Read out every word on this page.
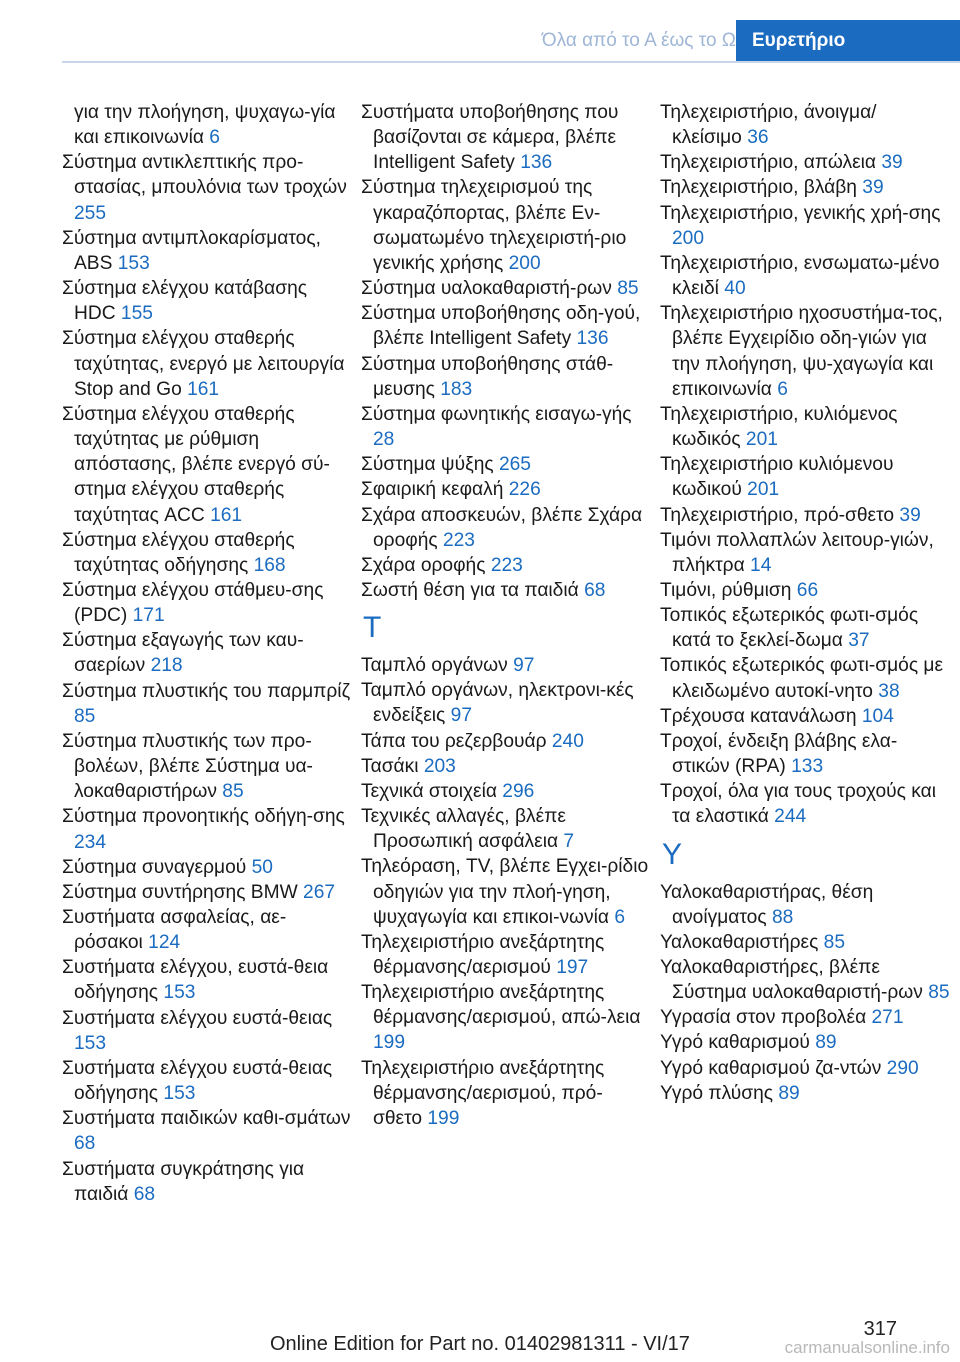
Όλα από το Α έως το Ω Ευρετήριο

για την πλοήγηση, ψυχαγω-γία και επικοινωνία 6

Σύστημα αντικλεπτικής προ-στασίας, μπουλόνια των τροχών 255

Σύστημα αντιμπλοκαρίσματος, ABS 153

Σύστημα ελέγχου κατάβασης HDC 155

Σύστημα ελέγχου σταθερής ταχύτητας, ενεργό με λειτουργία Stop and Go 161

Σύστημα ελέγχου σταθερής ταχύτητας με ρύθμιση απόστασης, βλέπε ενεργό σύ-στημα ελέγχου σταθερής ταχύτητας ACC 161

Σύστημα ελέγχου σταθερής ταχύτητας οδήγησης 168

Σύστημα ελέγχου στάθμευ-σης (PDC) 171

Σύστημα εξαγωγής των καυ-σαερίων 218

Σύστημα πλυστικής του παρμπρίζ 85

Σύστημα πλυστικής των προ-βολέων, βλέπε Σύστημα υα-λοκαθαριστήρων 85

Σύστημα προνοητικής οδήγη-σης 234

Σύστημα συναγερμού 50

Σύστημα συντήρησης BMW 267

Συστήματα ασφαλείας, αε-ρόσακοι 124

Συστήματα ελέγχου, ευστά-θεια οδήγησης 153

Συστήματα ελέγχου ευστά-θειας 153

Συστήματα ελέγχου ευστά-θειας οδήγησης 153

Συστήματα παιδικών καθι-σμάτων 68

Συστήματα συγκράτησης για παιδιά 68

Συστήματα υποβοήθησης που βασίζονται σε κάμερα, βλέπε Intelligent Safety 136

Σύστημα τηλεχειρισμού της γκαραζόπορτας, βλέπε Εν-σωματωμένο τηλεχειριστή-ριο γενικής χρήσης 200

Σύστημα υαλοκαθαριστή-ρων 85

Σύστημα υποβοήθησης οδη-γού, βλέπε Intelligent Safety 136

Σύστημα υποβοήθησης στάθ-μευσης 183

Σύστημα φωνητικής εισαγω-γής 28

Σύστημα ψύξης 265

Σφαιρική κεφαλή 226

Σχάρα αποσκευών, βλέπε Σχάρα οροφής 223

Σχάρα οροφής 223

Σωστή θέση για τα παιδιά 68

Τ

Ταμπλό οργάνων 97

Ταμπλό οργάνων, ηλεκτρονι-κές ενδείξεις 97

Τάπα του ρεζερβουάρ 240

Τασάκι 203

Τεχνικά στοιχεία 296

Τεχνικές αλλαγές, βλέπε Προσωπική ασφάλεια 7

Τηλεόραση, TV, βλέπε Εγχει-ρίδιο οδηγιών για την πλοή-γηση, ψυχαγωγία και επικοι-νωνία 6

Τηλεχειριστήριο ανεξάρτητης θέρμανσης/αερισμού 197

Τηλεχειριστήριο ανεξάρτητης θέρμανσης/αερισμού, απώ-λεια 199

Τηλεχειριστήριο ανεξάρτητης θέρμανσης/αερισμού, πρό-σθετο 199

Τηλεχειριστήριο, άνοιγμα/ κλείσιμο 36

Τηλεχειριστήριο, απώλεια 39

Τηλεχειριστήριο, βλάβη 39

Τηλεχειριστήριο, γενικής χρή-σης 200

Τηλεχειριστήριο, ενσωματω-μένο κλειδί 40

Τηλεχειριστήριο ηχοσυστήμα-τος, βλέπε Εγχειρίδιο οδη-γιών για την πλοήγηση, ψυ-χαγωγία και επικοινωνία 6

Τηλεχειριστήριο, κυλιόμενος κωδικός 201

Τηλεχειριστήριο κυλιόμενου κωδικού 201

Τηλεχειριστήριο, πρό-σθετο 39

Τιμόνι πολλαπλών λειτουρ-γιών, πλήκτρα 14

Τιμόνι, ρύθμιση 66

Τοπικός εξωτερικός φωτι-σμός κατά το ξεκλεί-δωμα 37

Τοπικός εξωτερικός φωτι-σμός με κλειδωμένο αυτοκί-νητο 38

Τρέχουσα κατανάλωση 104

Τροχοί, ένδειξη βλάβης ελα-στικών (RPA) 133

Τροχοί, όλα για τους τροχούς και τα ελαστικά 244

Υ

Υαλοκαθαριστήρας, θέση ανοίγματος 88

Υαλοκαθαριστήρες 85

Υαλοκαθαριστήρες, βλέπε Σύστημα υαλοκαθαριστή-ρων 85

Υγρασία στον προβολέα 271

Υγρό καθαρισμού 89

Υγρό καθαρισμού ζα-ντών 290

Υγρό πλύσης 89

317
Online Edition for Part no. 01402981311 - VI/17	carmanualsonline.info
